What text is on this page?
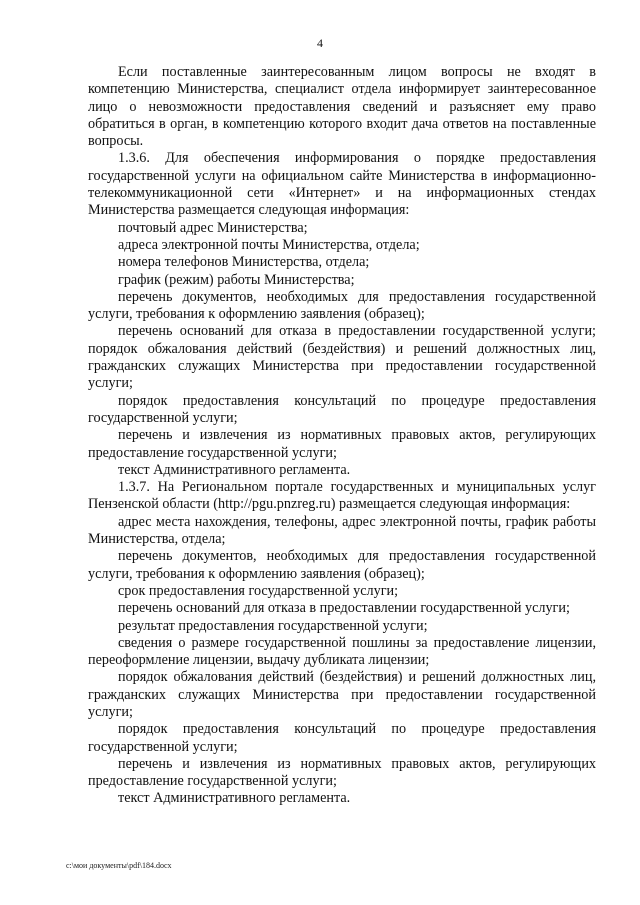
4

Если поставленные заинтересованным лицом вопросы не входят в компетенцию Министерства, специалист отдела информирует заинтересованное лицо о невозможности предоставления сведений и разъясняет ему право обратиться в орган, в компетенцию которого входит дача ответов на поставленные вопросы.

1.3.6. Для обеспечения информирования о порядке предоставления государственной услуги на официальном сайте Министерства в информационно-телекоммуникационной сети «Интернет» и на информационных стендах Министерства размещается следующая информация:

почтовый адрес Министерства;

адреса электронной почты Министерства, отдела;

номера телефонов Министерства, отдела;

график (режим) работы Министерства;

перечень документов, необходимых для предоставления государственной услуги, требования к оформлению заявления (образец);

перечень оснований для отказа в предоставлении государственной услуги; порядок обжалования действий (бездействия) и решений должностных лиц, гражданских служащих Министерства при предоставлении государственной услуги;

порядок предоставления консультаций по процедуре предоставления государственной услуги;

перечень и извлечения из нормативных правовых актов, регулирующих предоставление государственной услуги;

текст Административного регламента.

1.3.7. На Региональном портале государственных и муниципальных услуг Пензенской области (http://pgu.pnzreg.ru) размещается следующая информация:

адрес места нахождения, телефоны, адрес электронной почты, график работы Министерства, отдела;

перечень документов, необходимых для предоставления государственной услуги, требования к оформлению заявления (образец);

срок предоставления государственной услуги;

перечень оснований для отказа в предоставлении государственной услуги;

результат предоставления государственной услуги;

сведения о размере государственной пошлины за предоставление лицензии, переоформление лицензии, выдачу дубликата лицензии;

порядок обжалования действий (бездействия) и решений должностных лиц, гражданских служащих Министерства при предоставлении государственной услуги;

порядок предоставления консультаций по процедуре предоставления государственной услуги;

перечень и извлечения из нормативных правовых актов, регулирующих предоставление государственной услуги;

текст Административного регламента.

c:\мои документы\pdf\184.docx
